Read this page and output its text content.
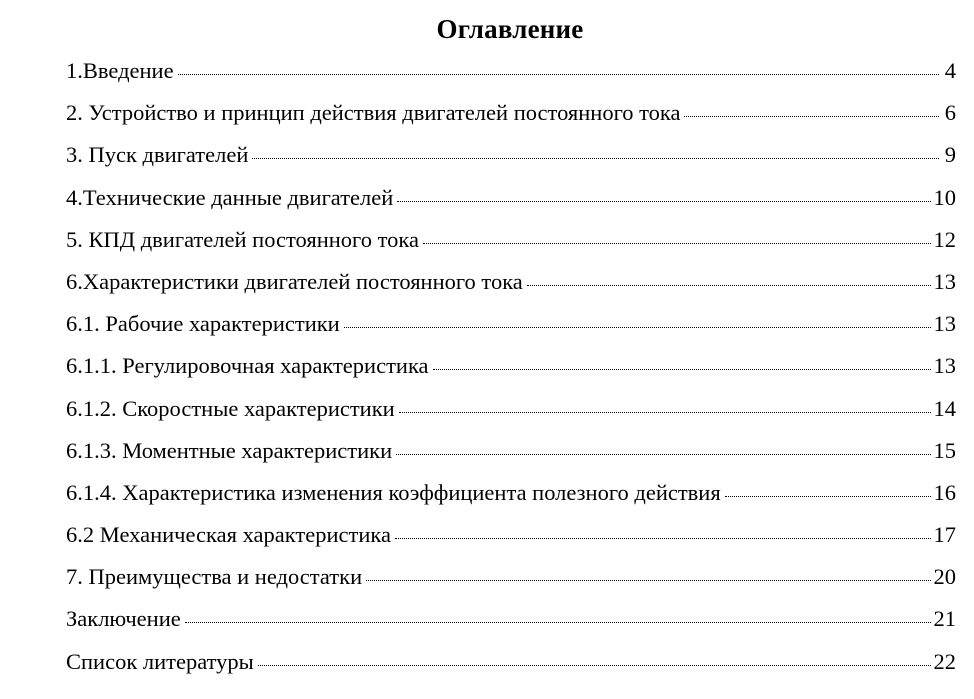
Оглавление
1.Введение	4
2. Устройство и принцип действия двигателей постоянного тока	6
3. Пуск двигателей	9
4.Технические данные двигателей	10
5. КПД двигателей постоянного тока	12
6.Характеристики двигателей постоянного тока	13
6.1. Рабочие характеристики	13
6.1.1. Регулировочная характеристика	13
6.1.2. Скоростные характеристики	14
6.1.3. Моментные характеристики	15
6.1.4. Характеристика изменения коэффициента полезного действия	16
6.2 Механическая характеристика	17
7. Преимущества и недостатки	20
Заключение	21
Список литературы	22
